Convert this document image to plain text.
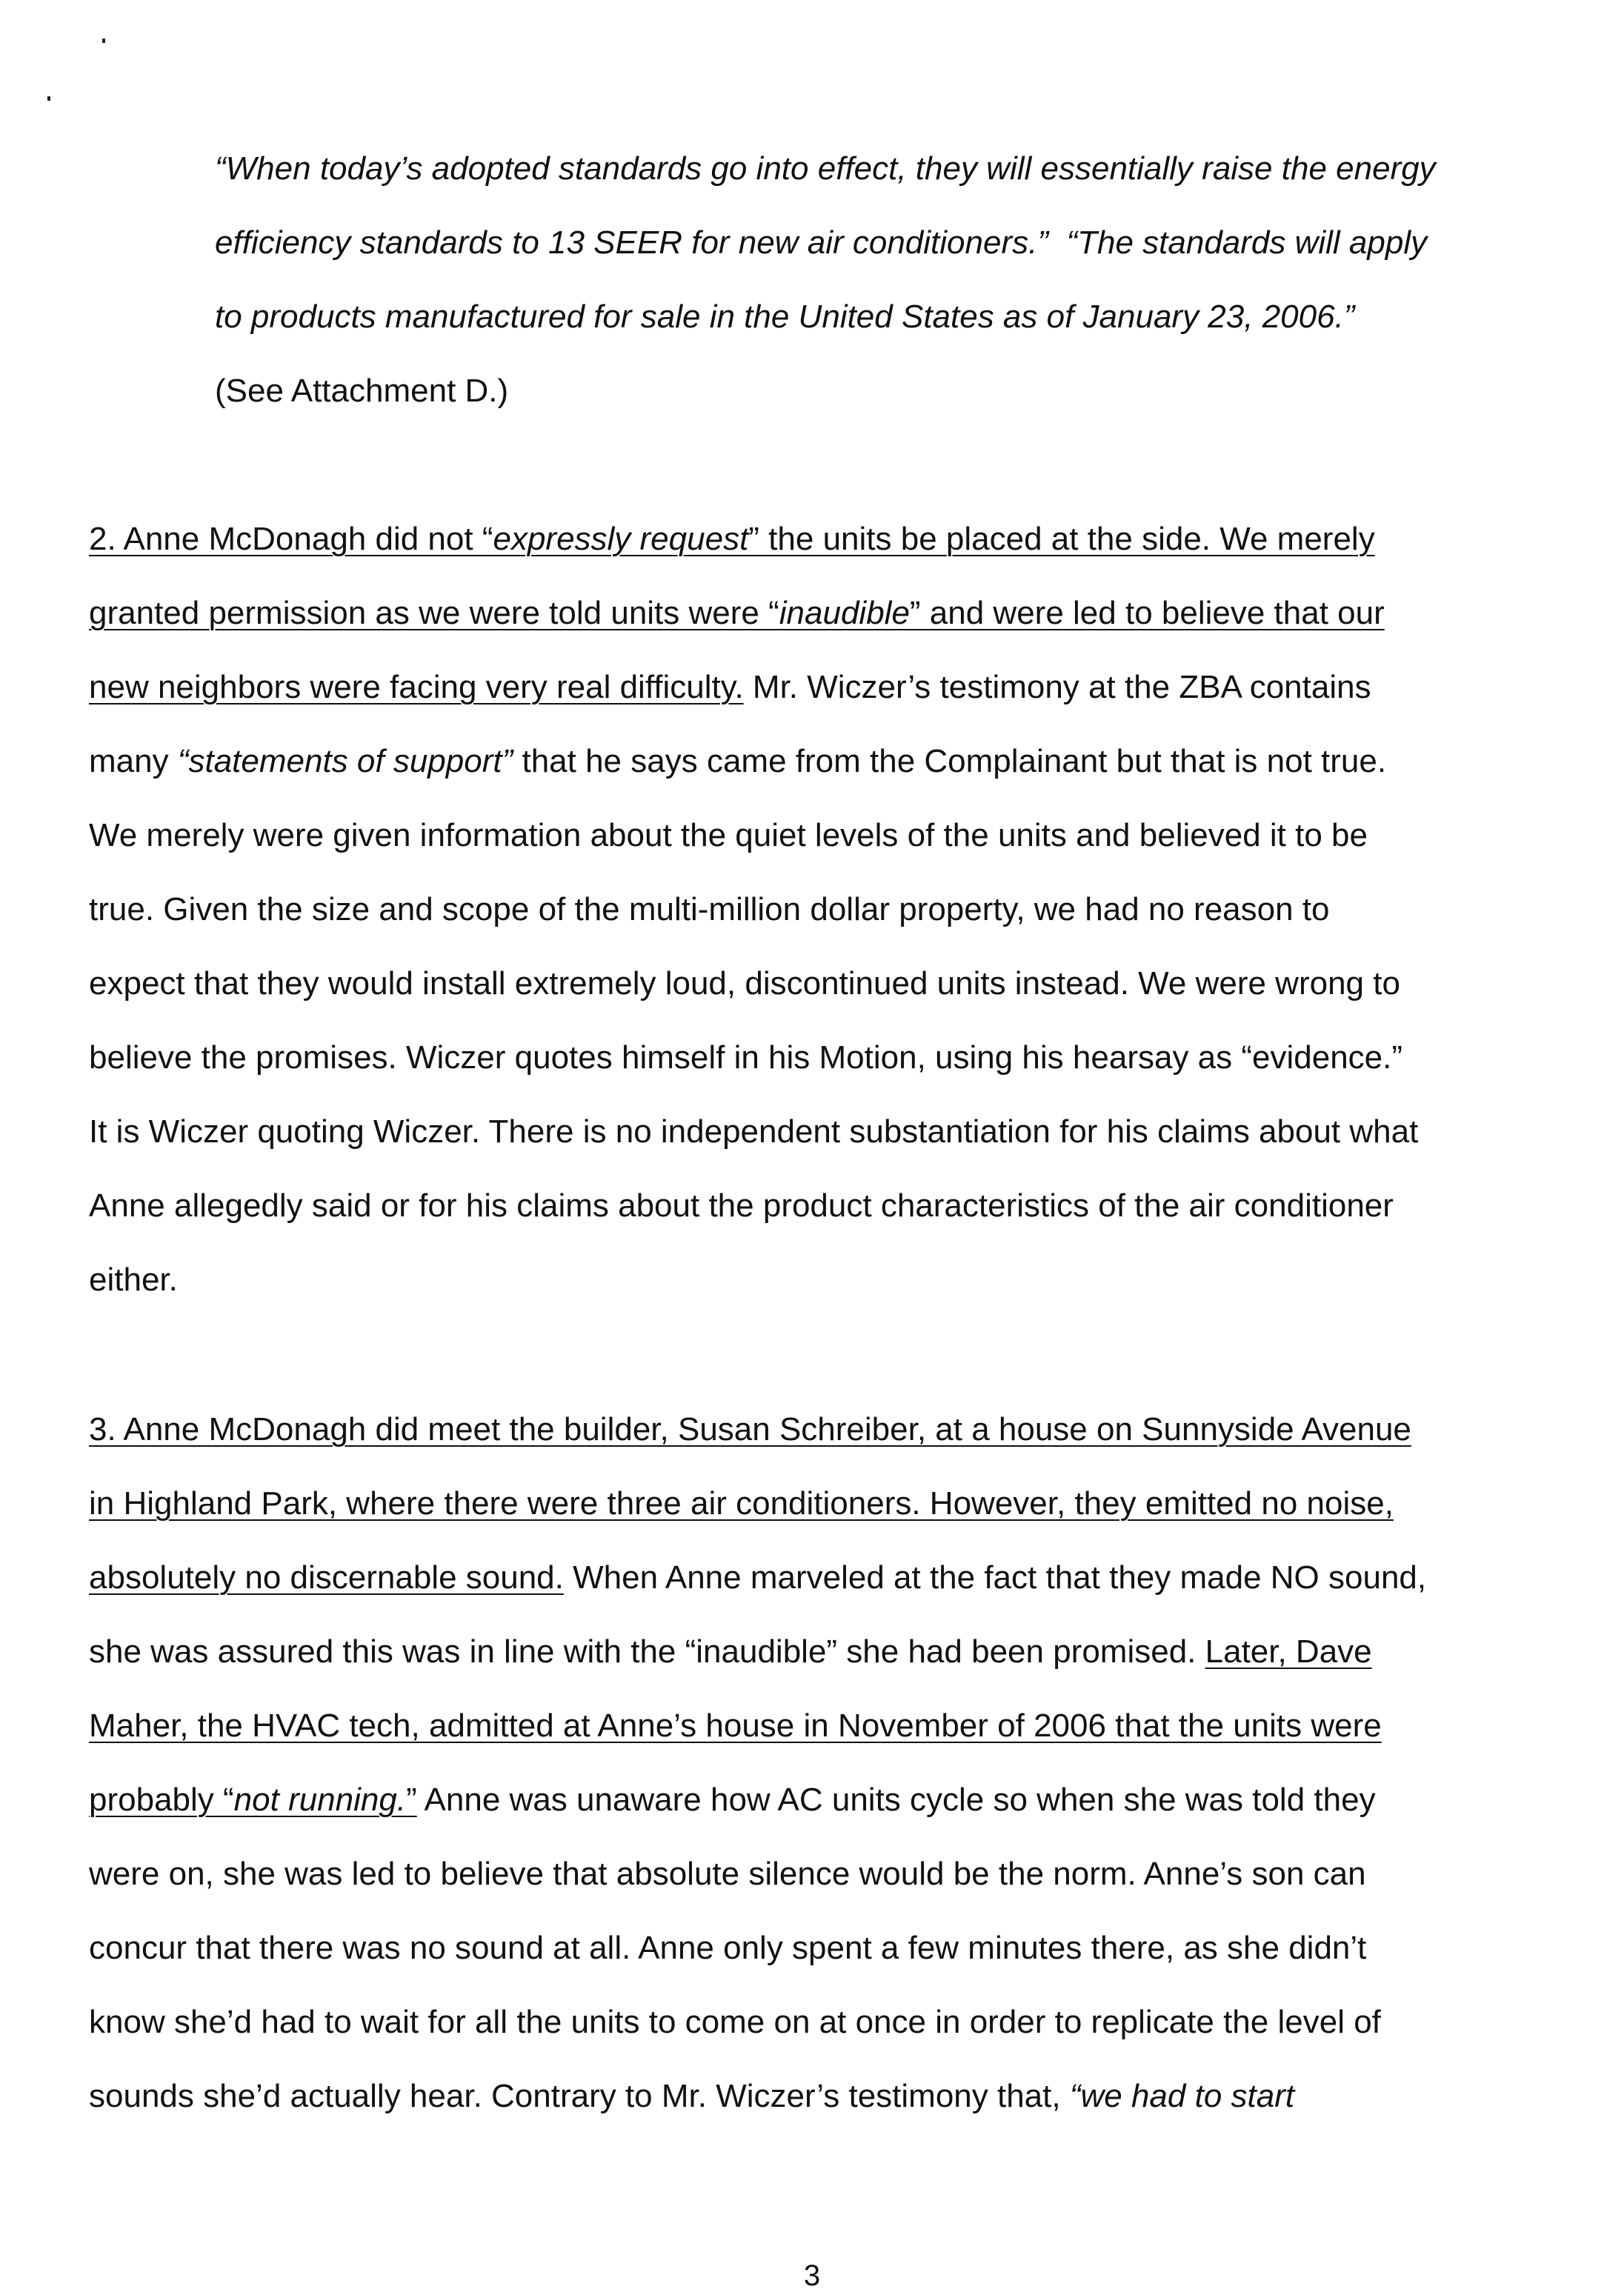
“When today’s adopted standards go into effect, they will essentially raise the energy

efficiency standards to 13 SEER for new air conditioners.” “The standards will apply

to products manufactured for sale in the United States as of January 23, 2006.”

(See Attachment D.)

2. Anne McDonagh did not “expressly request” the units be placed at the side. We merely

granted permission as we were told units were “inaudible” and were led to believe that our

new neighbors were facing very real difficulty. Mr. Wiczer’s testimony at the ZBA contains

many “statements of support” that he says came from the Complainant but that is not true.

We merely were given information about the quiet levels of the units and believed it to be

true. Given the size and scope of the multi-million dollar property, we had no reason to

expect that they would install extremely loud, discontinued units instead. We were wrong to

believe the promises. Wiczer quotes himself in his Motion, using his hearsay as “evidence.”

It is Wiczer quoting Wiczer. There is no independent substantiation for his claims about what

Anne allegedly said or for his claims about the product characteristics of the air conditioner

either.

3. Anne McDonagh did meet the builder, Susan Schreiber, at a house on Sunnyside Avenue

in Highland Park, where there were three air conditioners. However, they emitted no noise,

absolutely no discernable sound. When Anne marveled at the fact that they made NO sound,

she was assured this was in line with the “inaudible” she had been promised. Later, Dave

Maher, the HVAC tech, admitted at Anne’s house in November of 2006 that the units were

probably “not running.” Anne was unaware how AC units cycle so when she was told they

were on, she was led to believe that absolute silence would be the norm. Anne’s son can

concur that there was no sound at all. Anne only spent a few minutes there, as she didn’t

know she’d had to wait for all the units to come on at once in order to replicate the level of

sounds she’d actually hear. Contrary to Mr. Wiczer’s testimony that, “we had to start

3
